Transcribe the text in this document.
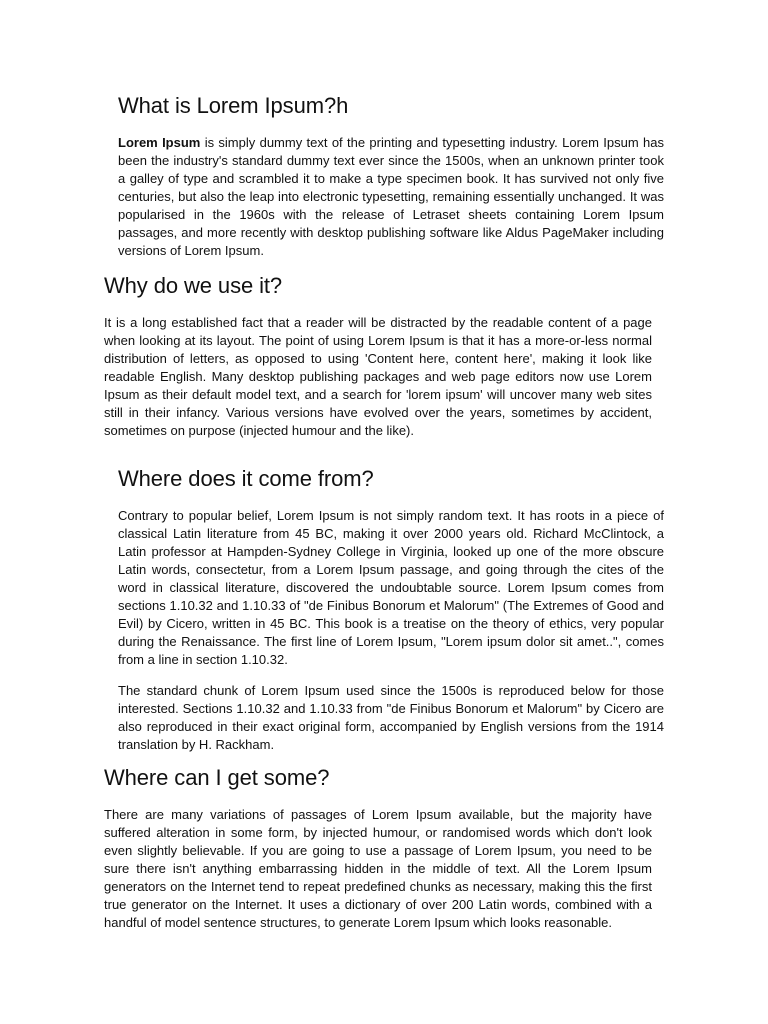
What is Lorem Ipsum?h

Lorem Ipsum is simply dummy text of the printing and typesetting industry. Lorem Ipsum has been the industry's standard dummy text ever since the 1500s, when an unknown printer took a galley of type and scrambled it to make a type specimen book. It has survived not only five centuries, but also the leap into electronic typesetting, remaining essentially unchanged. It was popularised in the 1960s with the release of Letraset sheets containing Lorem Ipsum passages, and more recently with desktop publishing software like Aldus PageMaker including versions of Lorem Ipsum.

Why do we use it?

It is a long established fact that a reader will be distracted by the readable content of a page when looking at its layout. The point of using Lorem Ipsum is that it has a more-or-less normal distribution of letters, as opposed to using 'Content here, content here', making it look like readable English. Many desktop publishing packages and web page editors now use Lorem Ipsum as their default model text, and a search for 'lorem ipsum' will uncover many web sites still in their infancy. Various versions have evolved over the years, sometimes by accident, sometimes on purpose (injected humour and the like).

Where does it come from?

Contrary to popular belief, Lorem Ipsum is not simply random text. It has roots in a piece of classical Latin literature from 45 BC, making it over 2000 years old. Richard McClintock, a Latin professor at Hampden-Sydney College in Virginia, looked up one of the more obscure Latin words, consectetur, from a Lorem Ipsum passage, and going through the cites of the word in classical literature, discovered the undoubtable source. Lorem Ipsum comes from sections 1.10.32 and 1.10.33 of "de Finibus Bonorum et Malorum" (The Extremes of Good and Evil) by Cicero, written in 45 BC. This book is a treatise on the theory of ethics, very popular during the Renaissance. The first line of Lorem Ipsum, "Lorem ipsum dolor sit amet..", comes from a line in section 1.10.32.

The standard chunk of Lorem Ipsum used since the 1500s is reproduced below for those interested. Sections 1.10.32 and 1.10.33 from "de Finibus Bonorum et Malorum" by Cicero are also reproduced in their exact original form, accompanied by English versions from the 1914 translation by H. Rackham.

Where can I get some?

There are many variations of passages of Lorem Ipsum available, but the majority have suffered alteration in some form, by injected humour, or randomised words which don't look even slightly believable. If you are going to use a passage of Lorem Ipsum, you need to be sure there isn't anything embarrassing hidden in the middle of text. All the Lorem Ipsum generators on the Internet tend to repeat predefined chunks as necessary, making this the first true generator on the Internet. It uses a dictionary of over 200 Latin words, combined with a handful of model sentence structures, to generate Lorem Ipsum which looks reasonable.
